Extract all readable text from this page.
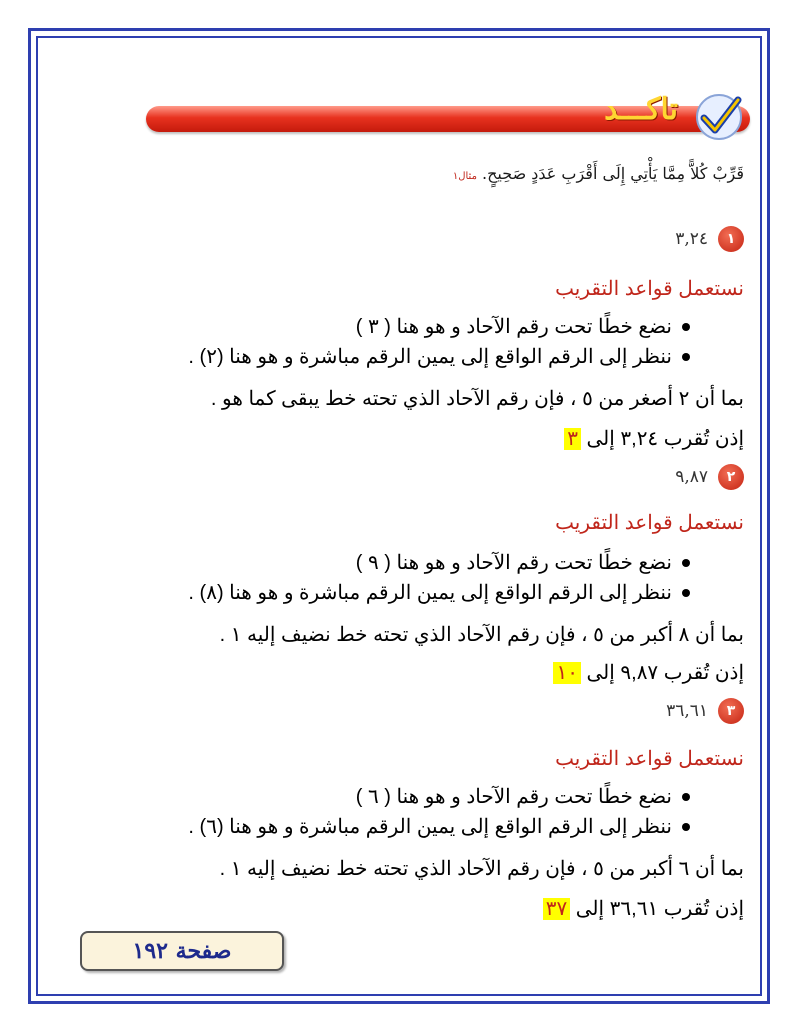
تاكـــد
قَرِّبْ كُلاًّ مِمَّا يَأْتِي إِلَى أَقْرَبِ عَدَدٍ صَحِيحٍ. مثال١
١
٣,٢٤
نستعمل قواعد التقريب
نضع خطًا تحت رقم الآحاد و هو هنا ( ٣ )
ننظر إلى الرقم الواقع إلى يمين الرقم مباشرة و هو هنا (٢) .
بما أن ٢ أصغر من ٥ ، فإن رقم الآحاد الذي تحته خط يبقى كما هو .
إذن تُقرب ٣,٢٤ إلى ٣
٢
٩,٨٧
نستعمل قواعد التقريب
نضع خطًا تحت رقم الآحاد و هو هنا ( ٩ )
ننظر إلى الرقم الواقع إلى يمين الرقم مباشرة و هو هنا (٨) .
بما أن ٨ أكبر من ٥ ، فإن رقم الآحاد الذي تحته خط نضيف إليه ١ .
إذن تُقرب ٩,٨٧ إلى ١٠
٣
٣٦,٦١
نستعمل قواعد التقريب
نضع خطًا تحت رقم الآحاد و هو هنا ( ٦ )
ننظر إلى الرقم الواقع إلى يمين الرقم مباشرة و هو هنا (٦) .
بما أن ٦ أكبر من ٥ ، فإن رقم الآحاد الذي تحته خط نضيف إليه ١ .
إذن تُقرب ٣٦,٦١ إلى ٣٧
صفحة ١٩٢
